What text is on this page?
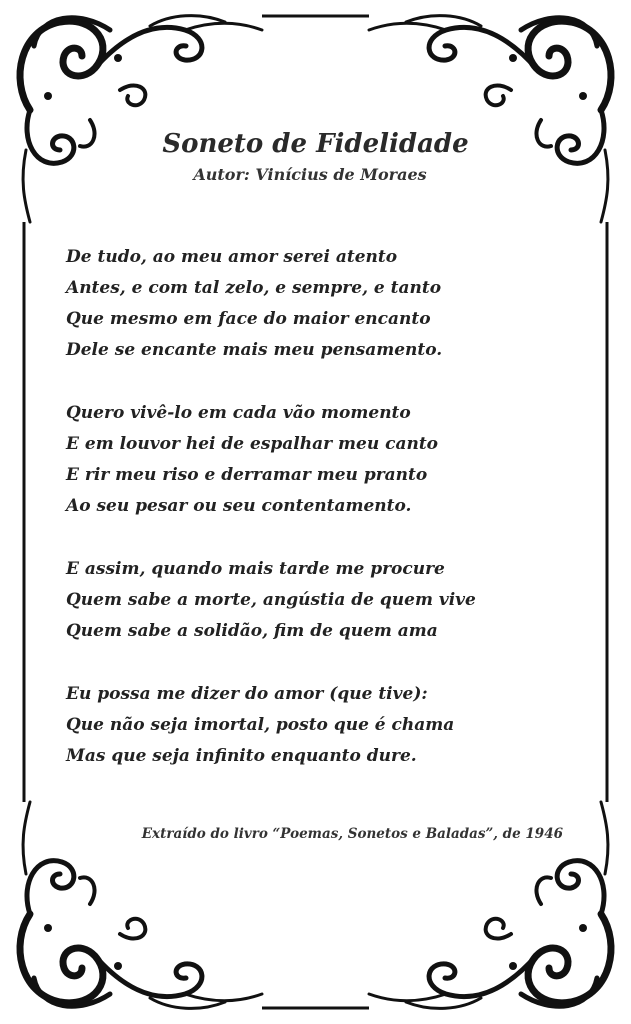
Soneto de Fidelidade
Autor: Vinícius de Moraes
De tudo, ao meu amor serei atento
Antes, e com tal zelo, e sempre, e tanto
Que mesmo em face do maior encanto
Dele se encante mais meu pensamento.
Quero vivê-lo em cada vão momento
E em louvor hei de espalhar meu canto
E rir meu riso e derramar meu pranto
Ao seu pesar ou seu contentamento.
E assim, quando mais tarde me procure
Quem sabe a morte, angústia de quem vive
Quem sabe a solidão, fim de quem ama
Eu possa me dizer do amor (que tive):
Que não seja imortal, posto que é chama
Mas que seja infinito enquanto dure.
Extraído do livro “Poemas, Sonetos e Baladas”, de 1946
